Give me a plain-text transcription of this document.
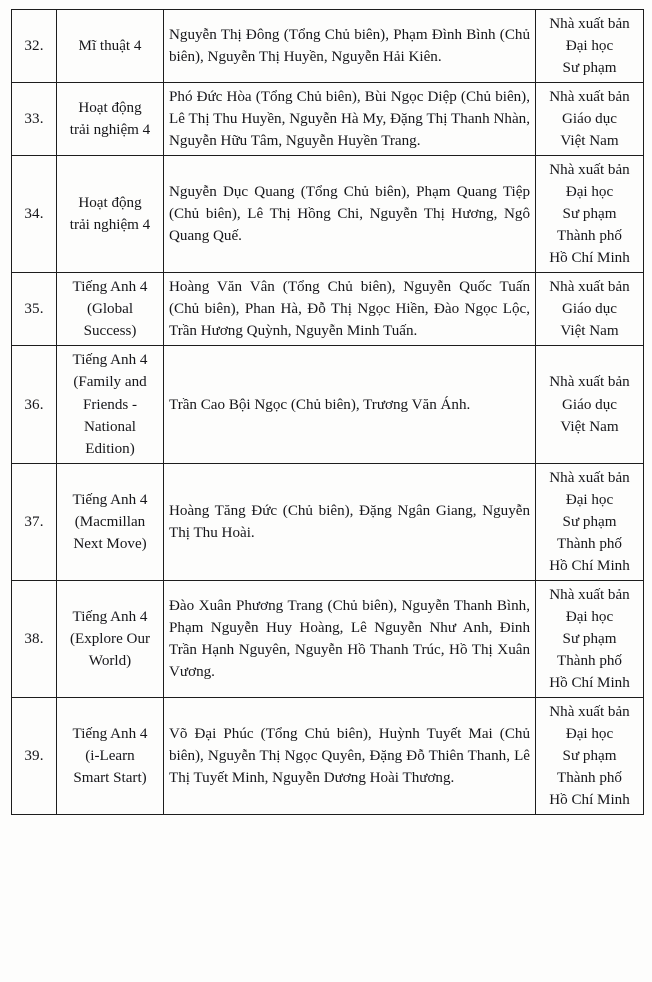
32.	Mĩ thuật 4	Nguyễn Thị Đông (Tổng Chủ biên), Phạm Đình Bình (Chủ biên), Nguyễn Thị Huyền, Nguyễn Hải Kiên.	Nhà xuất bản
Đại học
Sư phạm

33.	Hoạt động
trải nghiệm 4	Phó Đức Hòa (Tổng Chủ biên), Bùi Ngọc Diệp (Chủ biên), Lê Thị Thu Huyền, Nguyễn Hà My, Đặng Thị Thanh Nhàn, Nguyễn Hữu Tâm, Nguyễn Huyền Trang.	Nhà xuất bản
Giáo dục
Việt Nam

34.	Hoạt động
trải nghiệm 4	Nguyễn Dục Quang (Tổng Chủ biên), Phạm Quang Tiệp (Chủ biên), Lê Thị Hồng Chi, Nguyễn Thị Hương, Ngô Quang Quế.	Nhà xuất bản
Đại học
Sư phạm
Thành phố
Hồ Chí Minh

35.	Tiếng Anh 4
(Global
Success)	Hoàng Văn Vân (Tổng Chủ biên), Nguyễn Quốc Tuấn (Chủ biên), Phan Hà, Đỗ Thị Ngọc Hiền, Đào Ngọc Lộc, Trần Hương Quỳnh, Nguyễn Minh Tuấn.	Nhà xuất bản
Giáo dục
Việt Nam

36.	Tiếng Anh 4
(Family and
Friends -
National
Edition)	Trần Cao Bội Ngọc (Chủ biên), Trương Văn Ánh.	Nhà xuất bản
Giáo dục
Việt Nam

37.	Tiếng Anh 4
(Macmillan
Next Move)	Hoàng Tăng Đức (Chủ biên), Đặng Ngân Giang, Nguyễn Thị Thu Hoài.	Nhà xuất bản
Đại học
Sư phạm
Thành phố
Hồ Chí Minh

38.	Tiếng Anh 4
(Explore Our
World)	Đào Xuân Phương Trang (Chủ biên), Nguyễn Thanh Bình, Phạm Nguyễn Huy Hoàng, Lê Nguyễn Như Anh, Đinh Trần Hạnh Nguyên, Nguyễn Hồ Thanh Trúc, Hồ Thị Xuân Vương.	Nhà xuất bản
Đại học
Sư phạm
Thành phố
Hồ Chí Minh

39.	Tiếng Anh 4
(i-Learn
Smart Start)	Võ Đại Phúc (Tổng Chủ biên), Huỳnh Tuyết Mai (Chủ biên), Nguyễn Thị Ngọc Quyên, Đặng Đỗ Thiên Thanh, Lê Thị Tuyết Minh, Nguyễn Dương Hoài Thương.	Nhà xuất bản
Đại học
Sư phạm
Thành phố
Hồ Chí Minh
